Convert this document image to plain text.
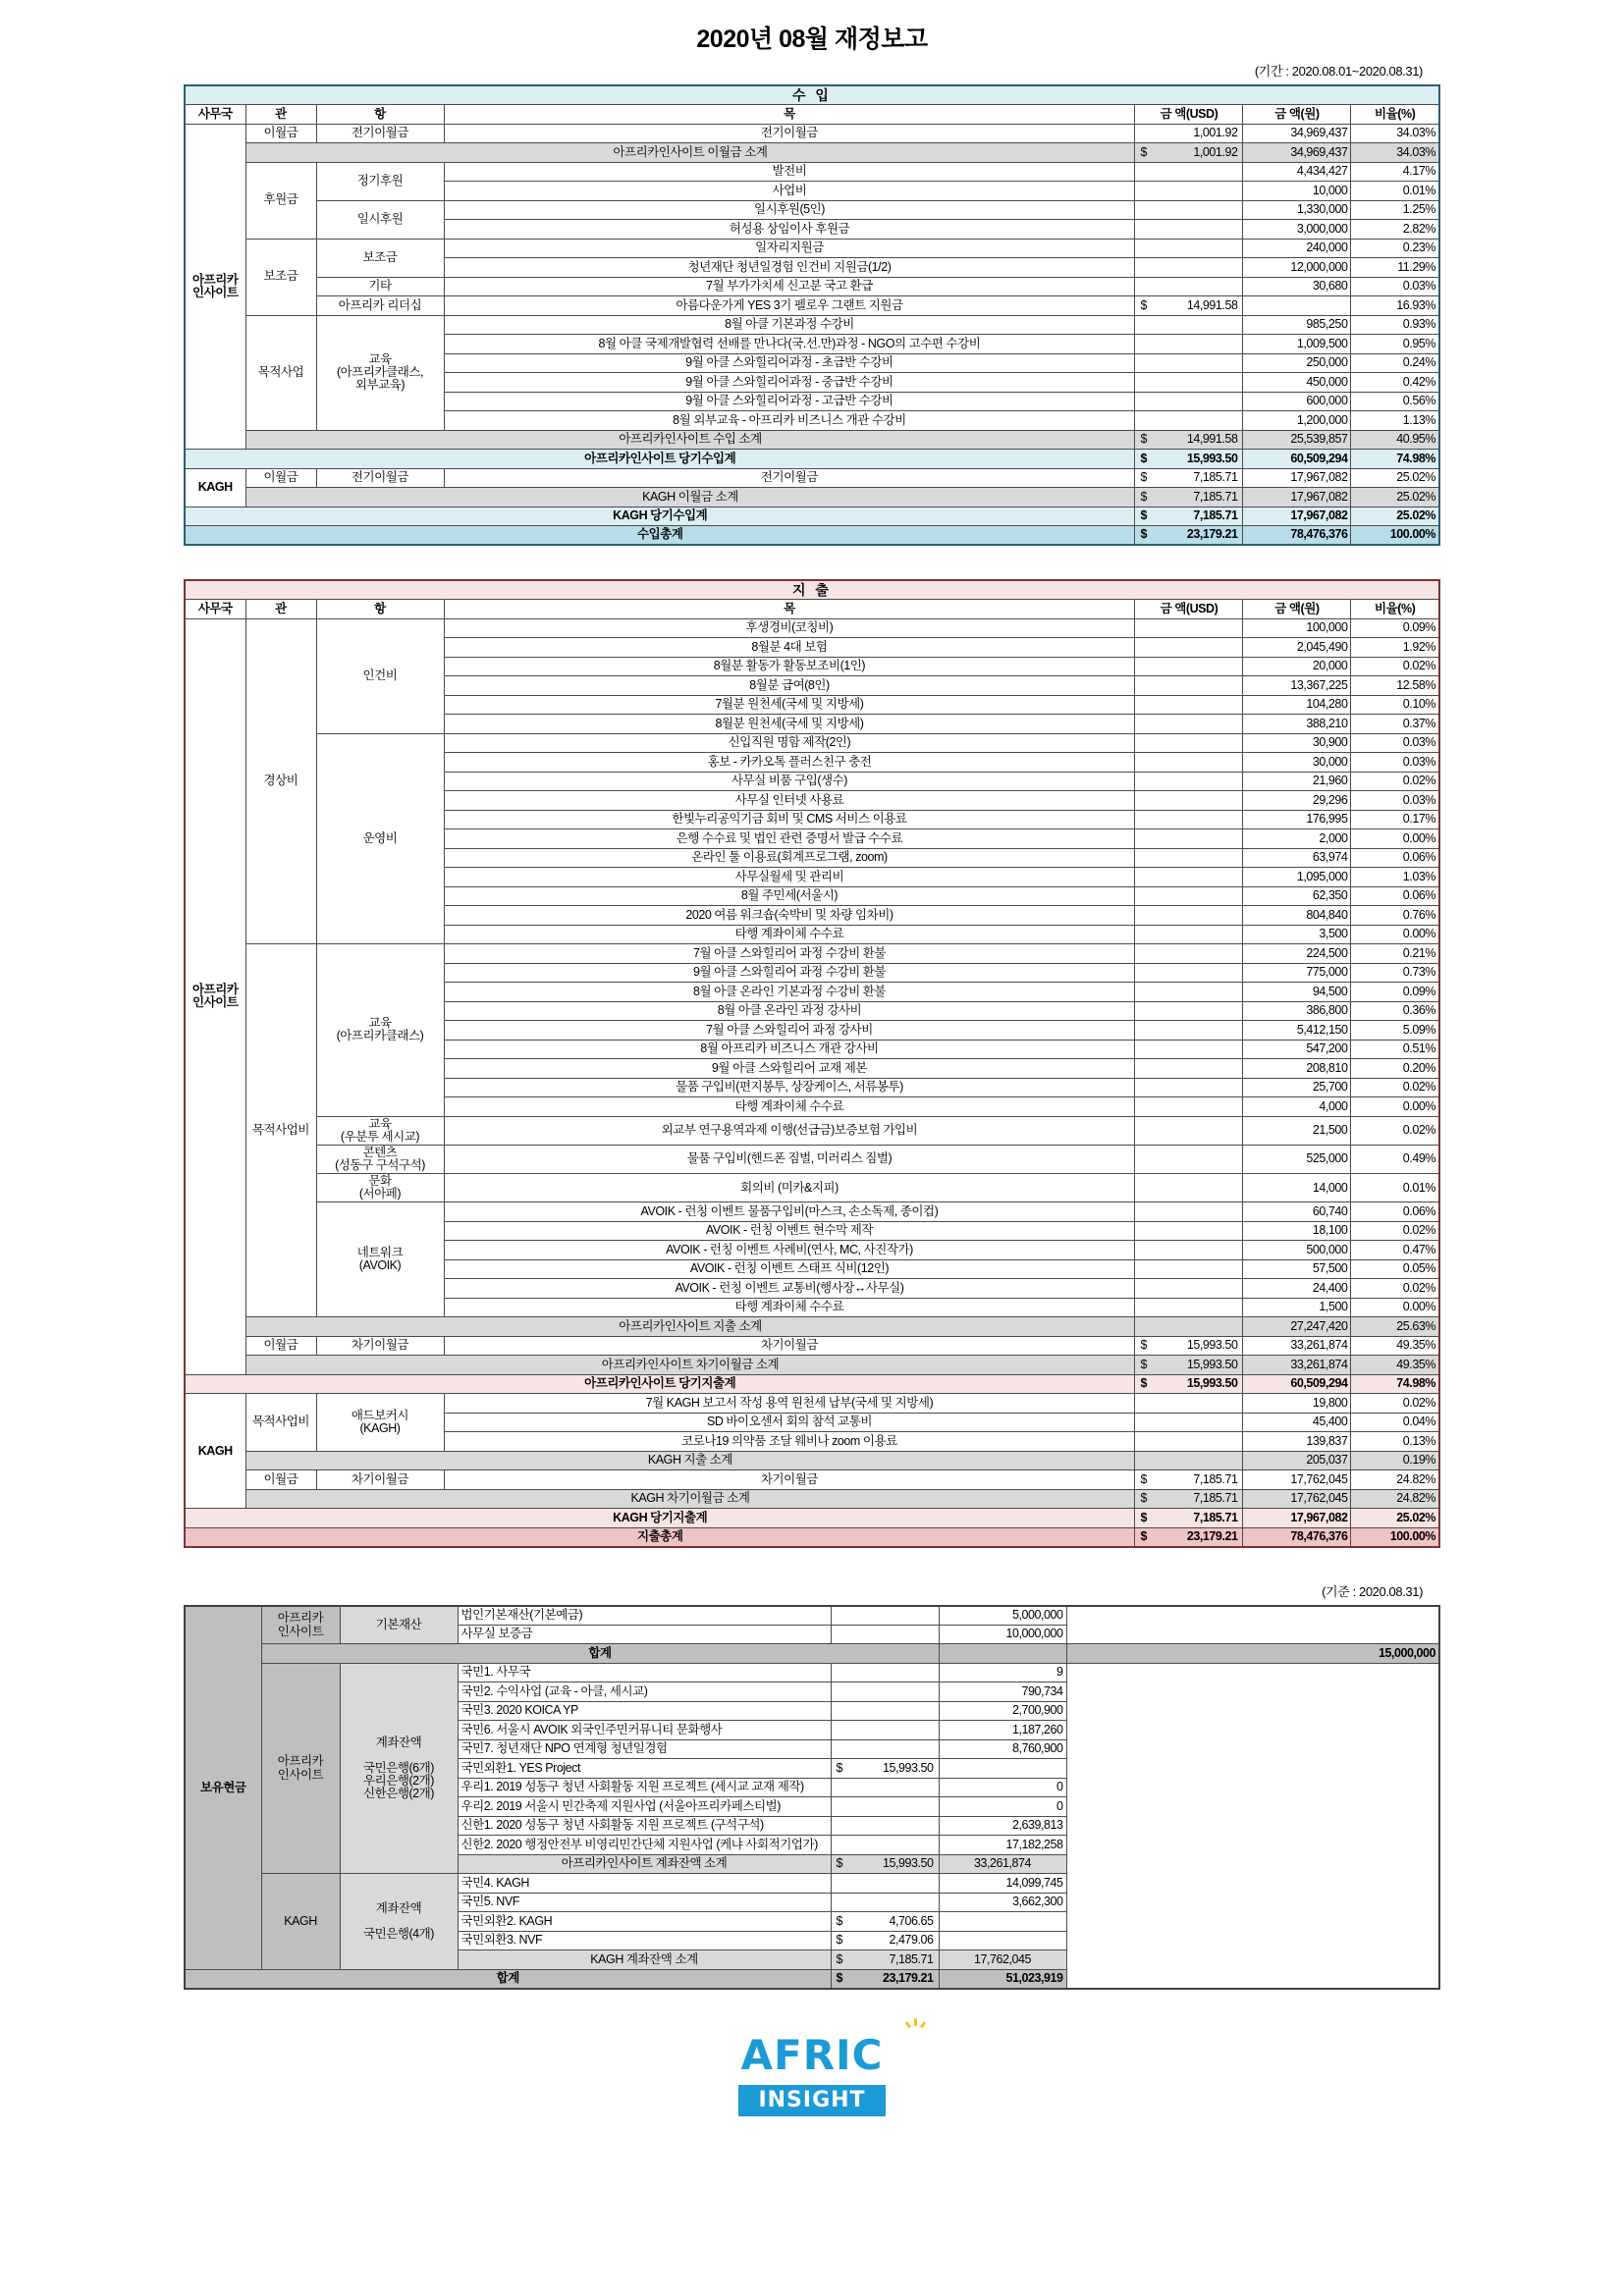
2020년 08월 재정보고
(기간 : 2020.08.01~2020.08.31)
수 입						
사무국	관	항	목	금 액(USD)	금 액(원)	비율(%)
아프리카
인사이트	이월금	전기이월금	전기이월금	1,001.92	34,969,437	34.03%
	아프리카인사이트 이월금 소계			$ 1,001.92	34,969,437	34.03%
	후원금	정기후원	발전비		4,434,427	4.17%
			사업비		10,000	0.01%
		일시후원	일시후원(5인)		1,330,000	1.25%
			허성용 상임이사 후원금		3,000,000	2.82%
	보조금	보조금	일자리지원금		240,000	0.23%
			청년재단 청년일경험 인건비 지원금(1/2)		12,000,000	11.29%
		기타	7월 부가가치세 신고분 국고 환급		30,680	0.03%
		아프리카 리더십	아름다운가게 YES 3기 펠로우 그랜트 지원금	$ 14,991.58		16.93%
	목적사업	교육
(아프리카클래스,
외부교육)	8월 아클 기본과정 수강비		985,250	0.93%
			8월 아클 국제개발협력 선배를 만나다(국.선.만)과정 - NGO의 고수편 수강비		1,009,500	0.95%
			9월 아클 스와힐리어과정 - 초급반 수강비		250,000	0.24%
			9월 아클 스와힐리어과정 - 중급반 수강비		450,000	0.42%
			9월 아클 스와힐리어과정 - 고급반 수강비		600,000	0.56%
			8월 외부교육 - 아프리카 비즈니스 개관 수강비		1,200,000	1.13%
	아프리카인사이트 수입 소계			$ 14,991.58	25,539,857	40.95%
아프리카인사이트 당기수입계				$ 15,993.50	60,509,294	74.98%
KAGH	이월금	전기이월금	전기이월금	$ 7,185.71	17,967,082	25.02%
	KAGH 이월금 소계			$ 7,185.71	17,967,082	25.02%
KAGH 당기수입계				$ 7,185.71	17,967,082	25.02%
수입총계				$ 23,179.21	78,476,376	100.00%
지 출						
사무국	관	항	목	금 액(USD)	금 액(원)	비율(%)
아프리카
인사이트	경상비	인건비	후생경비(코칭비)		100,000	0.09%
			8월분 4대 보험		2,045,490	1.92%
			8월분 활동가 활동보조비(1인)		20,000	0.02%
			8월분 급여(8인)		13,367,225	12.58%
			7월분 원천세(국세 및 지방세)		104,280	0.10%
			8월분 원천세(국세 및 지방세)		388,210	0.37%
		운영비	신입직원 명함 제작(2인)		30,900	0.03%
			홍보 - 카카오톡 플러스친구 충전		30,000	0.03%
			사무실 비품 구입(생수)		21,960	0.02%
			사무실 인터넷 사용료		29,296	0.03%
			한빛누리공익기금 회비 및 CMS 서비스 이용료		176,995	0.17%
			은행 수수료 및 법인 관련 증명서 발급 수수료		2,000	0.00%
			온라인 툴 이용료(회계프로그램, zoom)		63,974	0.06%
			사무실월세 및 관리비		1,095,000	1.03%
			8월 주민세(서울시)		62,350	0.06%
			2020 여름 워크숍(숙박비 및 차량 임차비)		804,840	0.76%
			타행 계좌이체 수수료		3,500	0.00%
	목적사업비	교육
(아프리카클래스)	7월 아클 스와힐리어 과정 수강비 환불		224,500	0.21%
			9월 아클 스와힐리어 과정 수강비 환불		775,000	0.73%
			8월 아클 온라인 기본과정 수강비 환불		94,500	0.09%
			8월 아클 온라인 과정 강사비		386,800	0.36%
			7월 아클 스와힐리어 과정 강사비		5,412,150	5.09%
			8월 아프리카 비즈니스 개관 강사비		547,200	0.51%
			9월 아클 스와힐리어 교재 제본		208,810	0.20%
			물품 구입비(편지봉투, 상장케이스, 서류봉투)		25,700	0.02%
			타행 계좌이체 수수료		4,000	0.00%
		교육
(우분투 세시교)	외교부 연구용역과제 이행(선급금)보증보험 가입비		21,500	0.02%
		콘텐츠
(성동구 구석구석)	물품 구입비(핸드폰 짐벌, 미러리스 짐벌)		525,000	0.49%
		문화
(서아페)	회의비 (미카&지피)		14,000	0.01%
		네트워크
(AVOIK)	AVOIK - 런칭 이벤트 물품구입비(마스크, 손소독제, 종이컵)		60,740	0.06%
			AVOIK - 런칭 이벤트 현수막 제작		18,100	0.02%
			AVOIK - 런칭 이벤트 사례비(연사, MC, 사진작가)		500,000	0.47%
			AVOIK - 런칭 이벤트 스태프 식비(12인)		57,500	0.05%
			AVOIK - 런칭 이벤트 교통비(행사장↔사무실)		24,400	0.02%
			타행 계좌이체 수수료		1,500	0.00%
	아프리카인사이트 지출 소계				27,247,420	25.63%
	이월금	차기이월금	차기이월금	$ 15,993.50	33,261,874	49.35%
	아프리카인사이트 차기이월금 소계			$ 15,993.50	33,261,874	49.35%
아프리카인사이트 당기지출계				$ 15,993.50	60,509,294	74.98%
KAGH	목적사업비	애드보커시
(KAGH)	7월 KAGH 보고서 작성 용역 원천세 납부(국세 및 지방세)		19,800	0.02%
			SD 바이오센서 회의 참석 교통비		45,400	0.04%
			코로나19 의약품 조달 웨비나 zoom 이용료		139,837	0.13%
	KAGH 지출 소계				205,037	0.19%
	이월금	차기이월금	차기이월금	$ 7,185.71	17,762,045	24.82%
	KAGH 차기이월금 소계			$ 7,185.71	17,762,045	24.82%
KAGH 당기지출계				$ 7,185.71	17,967,082	25.02%
지출총계				$ 23,179.21	78,476,376	100.00%
(기준 : 2020.08.31)
보유현금	아프리카
인사이트	기본재산	법인기본재산(기본예금)		5,000,000	
			사무실 보증금		10,000,000	
	합계					15,000,000
	아프리카
인사이트	계좌잔액

국민은행(6개)
우리은행(2개)
신한은행(2개)	국민1. 사무국		9	
			국민2. 수익사업 (교육 - 아클, 세시교)		790,734	
			국민3. 2020 KOICA YP		2,700,900	
			국민6. 서울시 AVOIK 외국인주민커뮤니티 문화행사		1,187,260	
			국민7. 청년재단 NPO 연계형 청년일경험		8,760,900	
			국민외환1. YES Project	$ 15,993.50		

			우리1. 2019 성동구 청년 사회활동 지원 프로젝트 (세시교 교재 제작)		0	
			우리2. 2019 서울시 민간축제 지원사업 (서울아프리카페스티벌)		0	
			신한1. 2020 성동구 청년 사회활동 지원 프로젝트 (구석구석)		2,639,813	
			신한2. 2020 행정안전부 비영리민간단체 지원사업 (케냐 사회적기업가)		17,182,258	
			아프리카인사이트 계좌잔액 소계	$ 15,993.50	33,261,874	
	KAGH	계좌잔액

국민은행(4개)	국민4. KAGH		14,099,745	
			국민5. NVF		3,662,300	
			국민외환2. KAGH	$ 4,706.65		

			국민외환3. NVF	$ 2,479.06		

			KAGH 계좌잔액 소계	$ 7,185.71	17,762,045	
합계				$ 23,179.21	51,023,919	
AFRIC
INSIGHT
